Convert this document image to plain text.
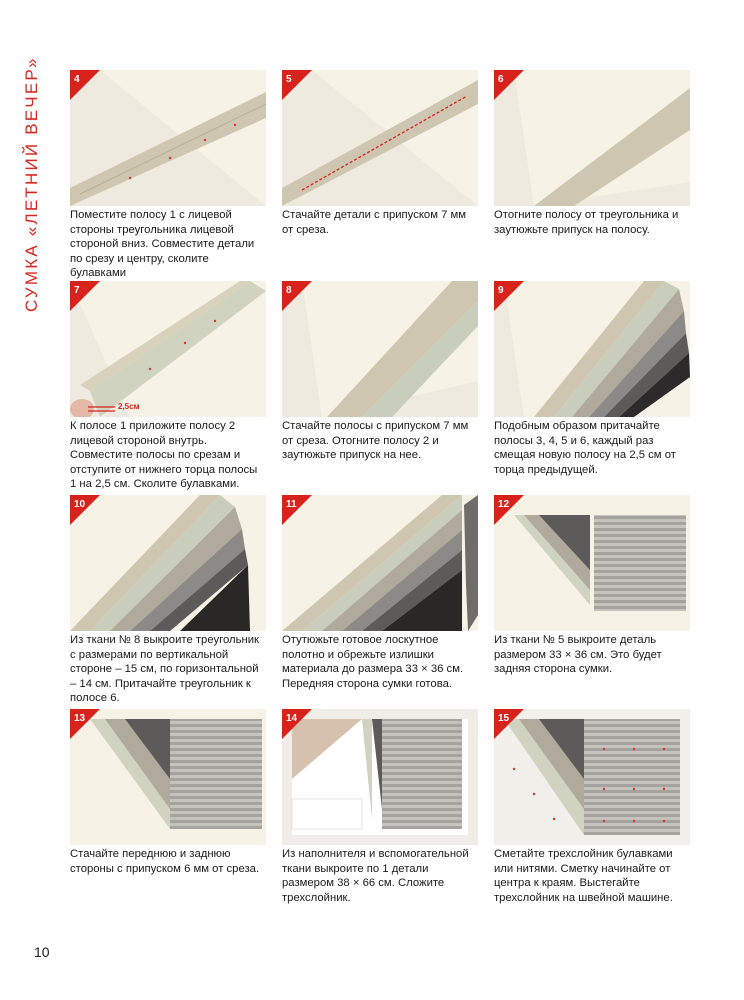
СУМКА «ЛЕТНИЙ ВЕЧЕР»	4
Поместите полосу 1 с лицевой стороны треугольника лицевой стороной вниз. Совместите детали по срезу и центру, сколите булавками
5
Стачайте детали с припуском 7 мм от среза.
6
Отогните полосу от треугольника и заутюжьте припуск на полосу.
2,5см
7
К полосе 1 приложите полосу 2 лицевой стороной внутрь. Совместите полосы по срезам и отступите от нижнего торца полосы 1 на 2,5 см. Сколите булавками.
8
Стачайте полосы с припуском 7 мм от среза. Отогните полосу 2 и заутюжьте припуск на нее.
9
Подобным образом притачайте полосы 3, 4, 5 и 6, каждый раз смещая новую полосу на 2,5 см от торца предыдущей.
10
Из ткани № 8 выкроите треугольник с размерами по вертикальной стороне – 15 см, по горизонтальной – 14 см. Притачайте треугольник к полосе 6.
11
Отутюжьте готовое лоскутное полотно и обрежьте излишки материала до размера 33 × 36 см. Передняя сторона сумки готова.
12
Из ткани № 5 выкроите деталь размером 33 × 36 см. Это будет задняя сторона сумки.
13
Стачайте переднюю и заднюю стороны с припуском 6 мм от среза.
14
Из наполнителя и вспомогательной ткани выкроите по 1 детали размером 38 × 66 см. Сложите трехслойник.
15
Сметайте трехслойник булавками или нитями. Сметку начинайте от центра к краям. Выстегайте трехслойник на швейной машине.
10
